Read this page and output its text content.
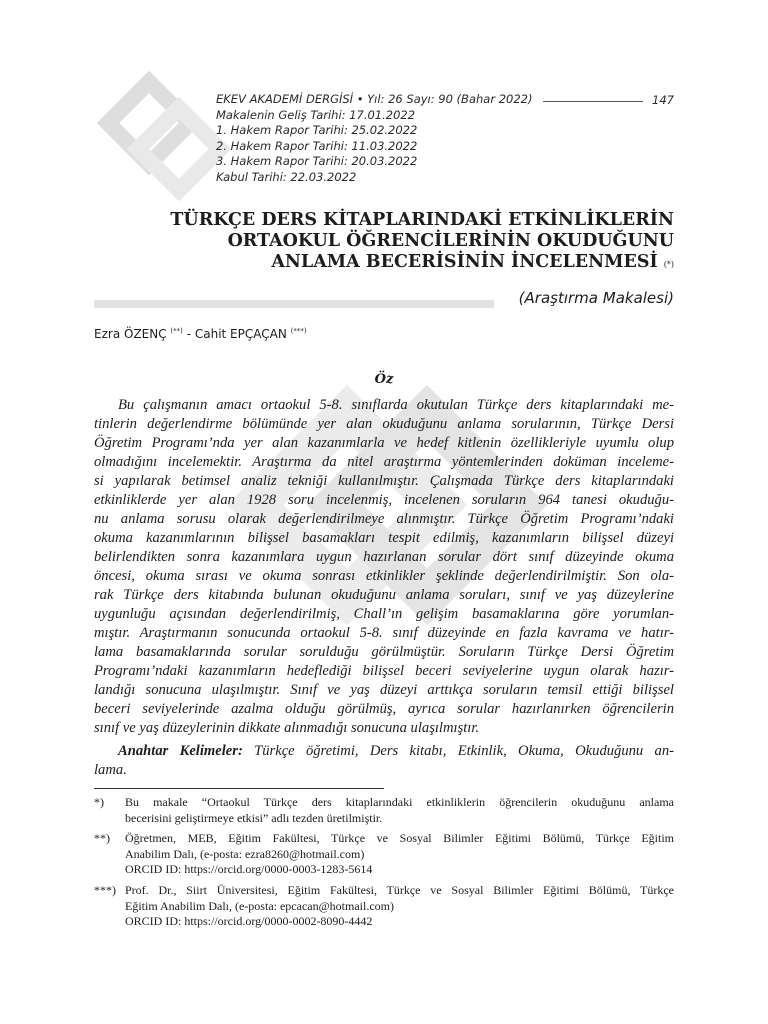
EKEV AKADEMİ DERGİSİ • Yıl: 26 Sayı: 90 (Bahar 2022)
Makalenin Geliş Tarihi: 17.01.2022
1. Hakem Rapor Tarihi: 25.02.2022
2. Hakem Rapor Tarihi: 11.03.2022
3. Hakem Rapor Tarihi: 20.03.2022
Kabul Tarihi: 22.03.2022
147
TÜRKÇE DERS KİTAPLARINDAKİ ETKİNLİKLERİN
ORTAOKUL ÖĞRENCİLERİNİN OKUDUĞUNU
ANLAMA BECERİSİNİN İNCELENMESİ (*)
(Araştırma Makalesi)
Ezra ÖZENÇ (**) - Cahit EPÇAÇAN (***)
Öz
Bu çalışmanın amacı ortaokul 5-8. sınıflarda okutulan Türkçe ders kitaplarındaki me-
tinlerin değerlendirme bölümünde yer alan okuduğunu anlama sorularının, Türkçe Dersi
Öğretim Programı’nda yer alan kazanımlarla ve hedef kitlenin özellikleriyle uyumlu olup
olmadığını incelemektir. Araştırma da nitel araştırma yöntemlerinden doküman inceleme-
si yapılarak betimsel analiz tekniği kullanılmıştır. Çalışmada Türkçe ders kitaplarındaki
etkinliklerde yer alan 1928 soru incelenmiş, incelenen soruların 964 tanesi okuduğu-
nu anlama sorusu olarak değerlendirilmeye alınmıştır. Türkçe Öğretim Programı’ndaki
okuma kazanımlarının bilişsel basamakları tespit edilmiş, kazanımların bilişsel düzeyi
belirlendikten sonra kazanımlara uygun hazırlanan sorular dört sınıf düzeyinde okuma
öncesi, okuma sırası ve okuma sonrası etkinlikler şeklinde değerlendirilmiştir. Son ola-
rak Türkçe ders kitabında bulunan okuduğunu anlama soruları, sınıf ve yaş düzeylerine
uygunluğu açısından değerlendirilmiş, Chall’ın gelişim basamaklarına göre yorumlan-
mıştır. Araştırmanın sonucunda ortaokul 5-8. sınıf düzeyinde en fazla kavrama ve hatır-
lama basamaklarında sorular sorulduğu görülmüştür. Soruların Türkçe Dersi Öğretim
Programı’ndaki kazanımların hedeflediği bilişsel beceri seviyelerine uygun olarak hazır-
landığı sonucuna ulaşılmıştır. Sınıf ve yaş düzeyi arttıkça soruların temsil ettiği bilişsel
beceri seviyelerinde azalma olduğu görülmüş, ayrıca sorular hazırlanırken öğrencilerin
sınıf ve yaş düzeylerinin dikkate alınmadığı sonucuna ulaşılmıştır.
Anahtar Kelimeler: Türkçe öğretimi, Ders kitabı, Etkinlik, Okuma, Okuduğunu an-
lama.
*)	Bu makale “Ortaokul Türkçe ders kitaplarındaki etkinliklerin öğrencilerin okuduğunu anlama
becerisini geliştirmeye etkisi” adlı tezden üretilmiştir.
**)	Öğretmen, MEB, Eğitim Fakültesi, Türkçe ve Sosyal Bilimler Eğitimi Bölümü, Türkçe Eğitim
Anabilim Dalı, (e-posta: ezra8260@hotmail.com)
ORCID ID: https://orcid.org/0000-0003-1283-5614
***) Prof. Dr., Siirt Üniversitesi, Eğitim Fakültesi, Türkçe ve Sosyal Bilimler Eğitimi Bölümü, Türkçe
Eğitim Anabilim Dalı, (e-posta: epcacan@hotmail.com)
ORCID ID: https://orcid.org/0000-0002-8090-4442
